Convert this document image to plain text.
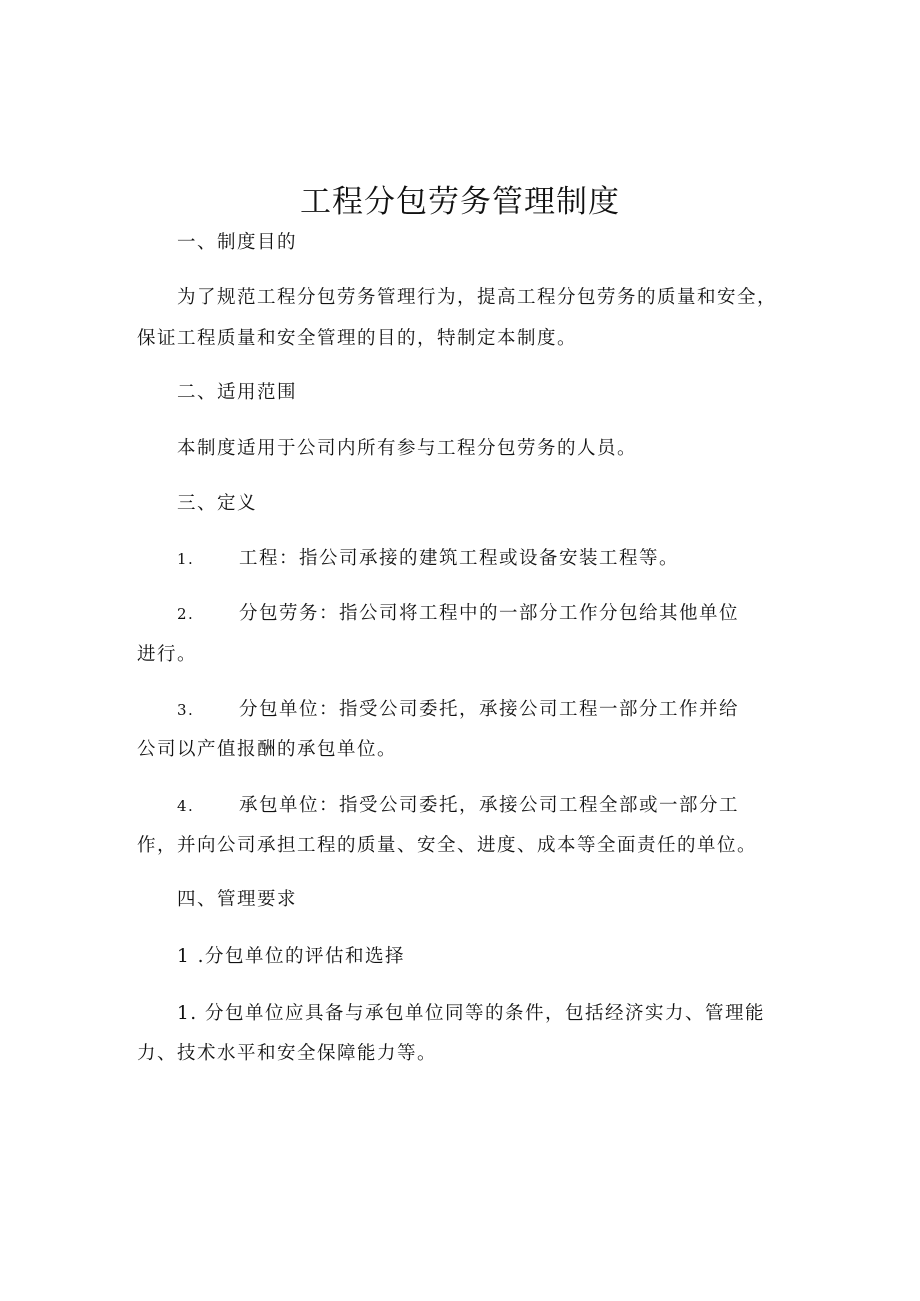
工程分包劳务管理制度
一、制度目的
为了规范工程分包劳务管理行为，提高工程分包劳务的质量和安全，
保证工程质量和安全管理的目的，特制定本制度。
二、适用范围
本制度适用于公司内所有参与工程分包劳务的人员。
三、定义
1. 工程：指公司承接的建筑工程或设备安装工程等。
2. 分包劳务：指公司将工程中的一部分工作分包给其他单位
进行。
3. 分包单位：指受公司委托，承接公司工程一部分工作并给
公司以产值报酬的承包单位。
4. 承包单位：指受公司委托，承接公司工程全部或一部分工
作，并向公司承担工程的质量、安全、进度、成本等全面责任的单位。
四、管理要求
1 .分包单位的评估和选择
1. 分包单位应具备与承包单位同等的条件，包括经济实力、管理能
力、技术水平和安全保障能力等。
